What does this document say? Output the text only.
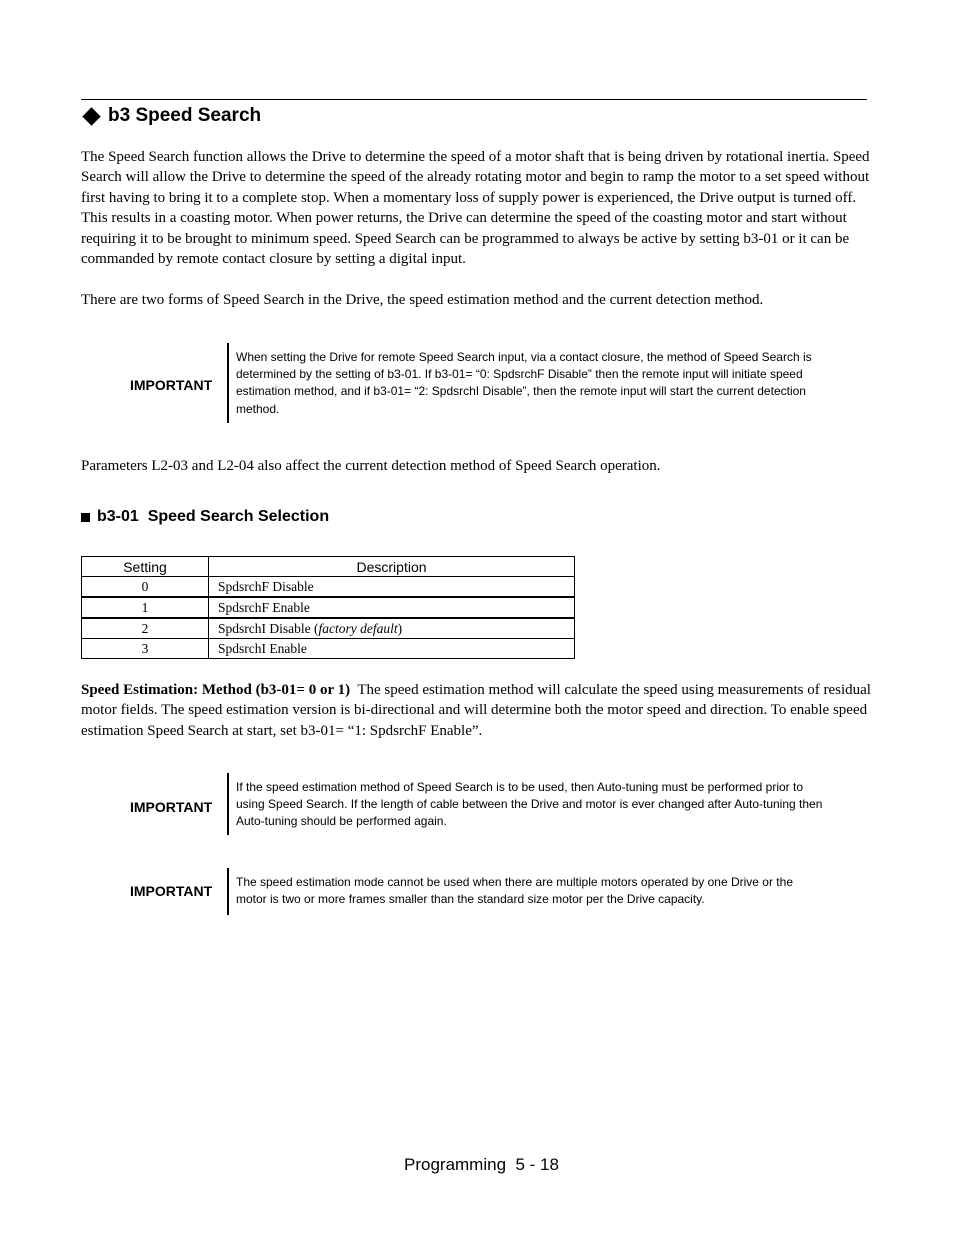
b3 Speed Search

The Speed Search function allows the Drive to determine the speed of a motor shaft that is being driven by rotational inertia. Speed Search will allow the Drive to determine the speed of the already rotating motor and begin to ramp the motor to a set speed without first having to bring it to a complete stop. When a momentary loss of supply power is experienced, the Drive output is turned off. This results in a coasting motor. When power returns, the Drive can determine the speed of the coasting motor and start without requiring it to be brought to minimum speed. Speed Search can be programmed to always be active by setting b3-01 or it can be commanded by remote contact closure by setting a digital input.

There are two forms of Speed Search in the Drive, the speed estimation method and the current detection method.

IMPORTANT
When setting the Drive for remote Speed Search input, via a contact closure, the method of Speed Search is determined by the setting of b3-01. If b3-01= “0: SpdsrchF Disable” then the remote input will initiate speed estimation method, and if b3-01= “2: SpdsrchI Disable”, then the remote input will start the current detection method.

Parameters L2-03 and L2-04 also affect the current detection method of Speed Search operation.

b3-01  Speed Search Selection
Setting	Description
0	SpdsrchF Disable
1	SpdsrchF Enable
2	SpdsrchI Disable (factory default)
3	SpdsrchI Enable

Speed Estimation: Method (b3-01= 0 or 1) The speed estimation method will calculate the speed using measurements of residual motor fields. The speed estimation version is bi-directional and will determine both the motor speed and direction. To enable speed estimation Speed Search at start, set b3-01= “1: SpdsrchF Enable”.

IMPORTANT
If the speed estimation method of Speed Search is to be used, then Auto-tuning must be performed prior to using Speed Search. If the length of cable between the Drive and motor is ever changed after Auto-tuning then Auto-tuning should be performed again.
IMPORTANT
The speed estimation mode cannot be used when there are multiple motors operated by one Drive or the motor is two or more frames smaller than the standard size motor per the Drive capacity.
Programming  5 - 18
